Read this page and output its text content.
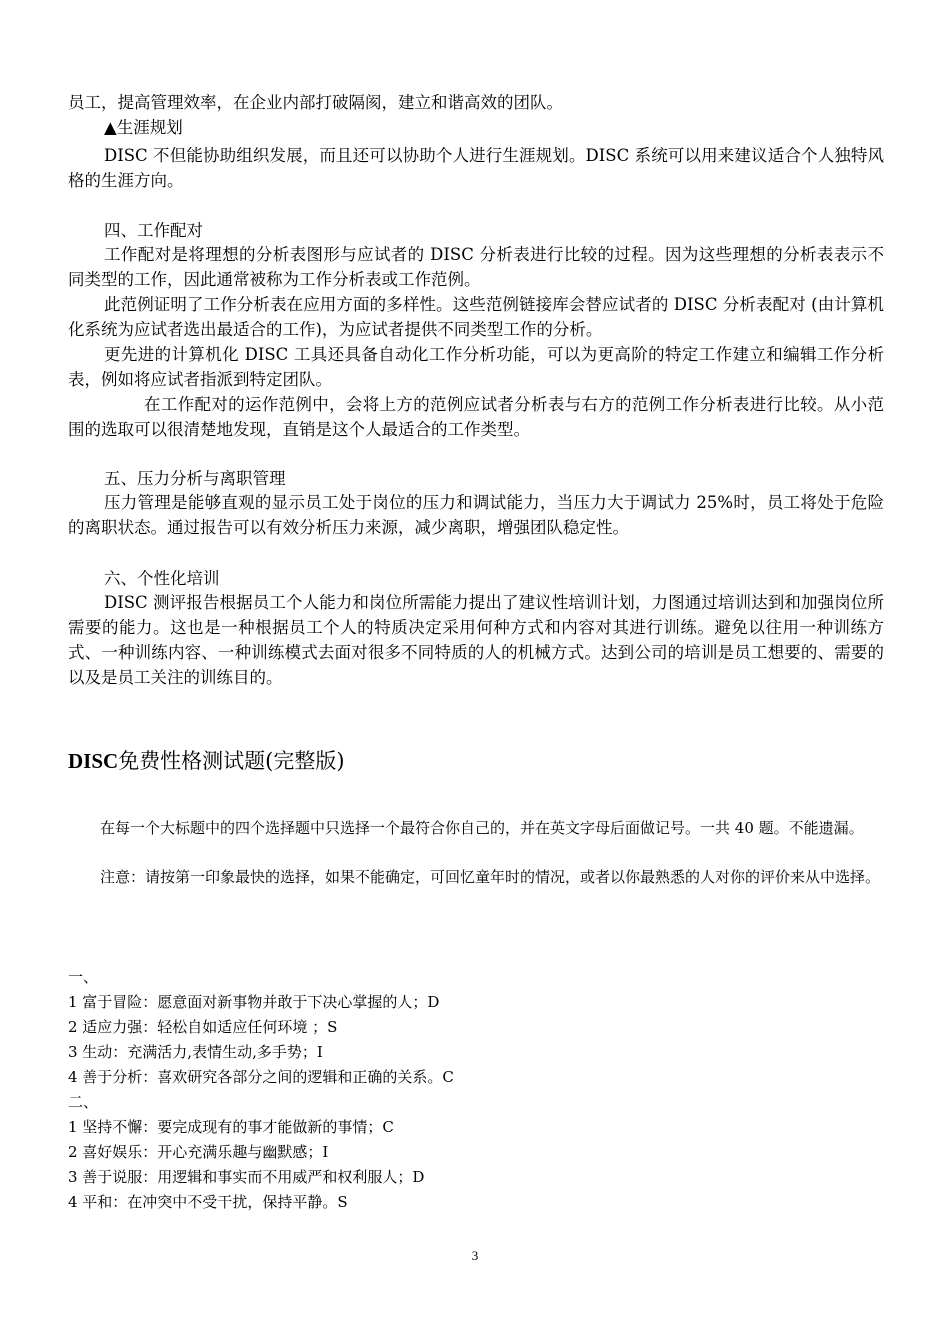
员工，提高管理效率，在企业内部打破隔阂，建立和谐高效的团队。

▲生涯规划

DISC 不但能协助组织发展，而且还可以协助个人进行生涯规划。DISC 系统可以用来建议适合个人独特风格的生涯方向。

四、工作配对

工作配对是将理想的分析表图形与应试者的 DISC 分析表进行比较的过程。因为这些理想的分析表表示不同类型的工作，因此通常被称为工作分析表或工作范例。

此范例证明了工作分析表在应用方面的多样性。这些范例链接库会替应试者的 DISC 分析表配对 (由计算机化系统为应试者选出最适合的工作)，为应试者提供不同类型工作的分析。

更先进的计算机化 DISC 工具还具备自动化工作分析功能，可以为更高阶的特定工作建立和编辑工作分析表，例如将应试者指派到特定团队。

在工作配对的运作范例中，会将上方的范例应试者分析表与右方的范例工作分析表进行比较。从小范围的选取可以很清楚地发现，直销是这个人最适合的工作类型。

五、压力分析与离职管理

压力管理是能够直观的显示员工处于岗位的压力和调试能力，当压力大于调试力 25%时，员工将处于危险的离职状态。通过报告可以有效分析压力来源，减少离职，增强团队稳定性。

六、个性化培训

DISC 测评报告根据员工个人能力和岗位所需能力提出了建议性培训计划，力图通过培训达到和加强岗位所需要的能力。这也是一种根据员工个人的特质决定采用何种方式和内容对其进行训练。避免以往用一种训练方式、一种训练内容、一种训练模式去面对很多不同特质的人的机械方式。达到公司的培训是员工想要的、需要的以及是员工关注的训练目的。

DISC免费性格测试题(完整版)

在每一个大标题中的四个选择题中只选择一个最符合你自己的，并在英文字母后面做记号。一共 40 题。不能遗漏。

注意：请按第一印象最快的选择，如果不能确定，可回忆童年时的情况，或者以你最熟悉的人对你的评价来从中选择。

一、

1 富于冒险：愿意面对新事物并敢于下决心掌握的人；D

2 适应力强：轻松自如适应任何环境 ；S

3 生动：充满活力,表情生动,多手势；I

4 善于分析：喜欢研究各部分之间的逻辑和正确的关系。C

二、

1 坚持不懈：要完成现有的事才能做新的事情；C

2 喜好娱乐：开心充满乐趣与幽默感；I

3 善于说服：用逻辑和事实而不用威严和权利服人；D

4 平和：在冲突中不受干扰，保持平静。S

3
